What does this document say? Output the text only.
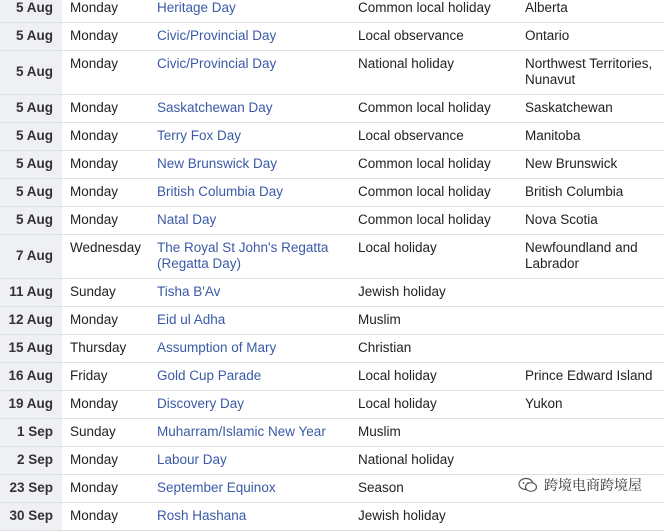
5 Aug	Monday	Heritage Day	Common local holiday	Alberta
5 Aug	Monday	Civic/Provincial Day	Local observance	Ontario
5 Aug	Monday	Civic/Provincial Day	National holiday	Northwest Territories, Nunavut
5 Aug	Monday	Saskatchewan Day	Common local holiday	Saskatchewan
5 Aug	Monday	Terry Fox Day	Local observance	Manitoba
5 Aug	Monday	New Brunswick Day	Common local holiday	New Brunswick
5 Aug	Monday	British Columbia Day	Common local holiday	British Columbia
5 Aug	Monday	Natal Day	Common local holiday	Nova Scotia
7 Aug	Wednesday	The Royal St John's Regatta (Regatta Day)	Local holiday	Newfoundland and Labrador
11 Aug	Sunday	Tisha B'Av	Jewish holiday	
12 Aug	Monday	Eid ul Adha	Muslim	
15 Aug	Thursday	Assumption of Mary	Christian	
16 Aug	Friday	Gold Cup Parade	Local holiday	Prince Edward Island
19 Aug	Monday	Discovery Day	Local holiday	Yukon
1 Sep	Sunday	Muharram/Islamic New Year	Muslim	
2 Sep	Monday	Labour Day	National holiday	
23 Sep	Monday	September Equinox	Season	
30 Sep	Monday	Rosh Hashana	Jewish holiday	
跨境电商跨境屋
